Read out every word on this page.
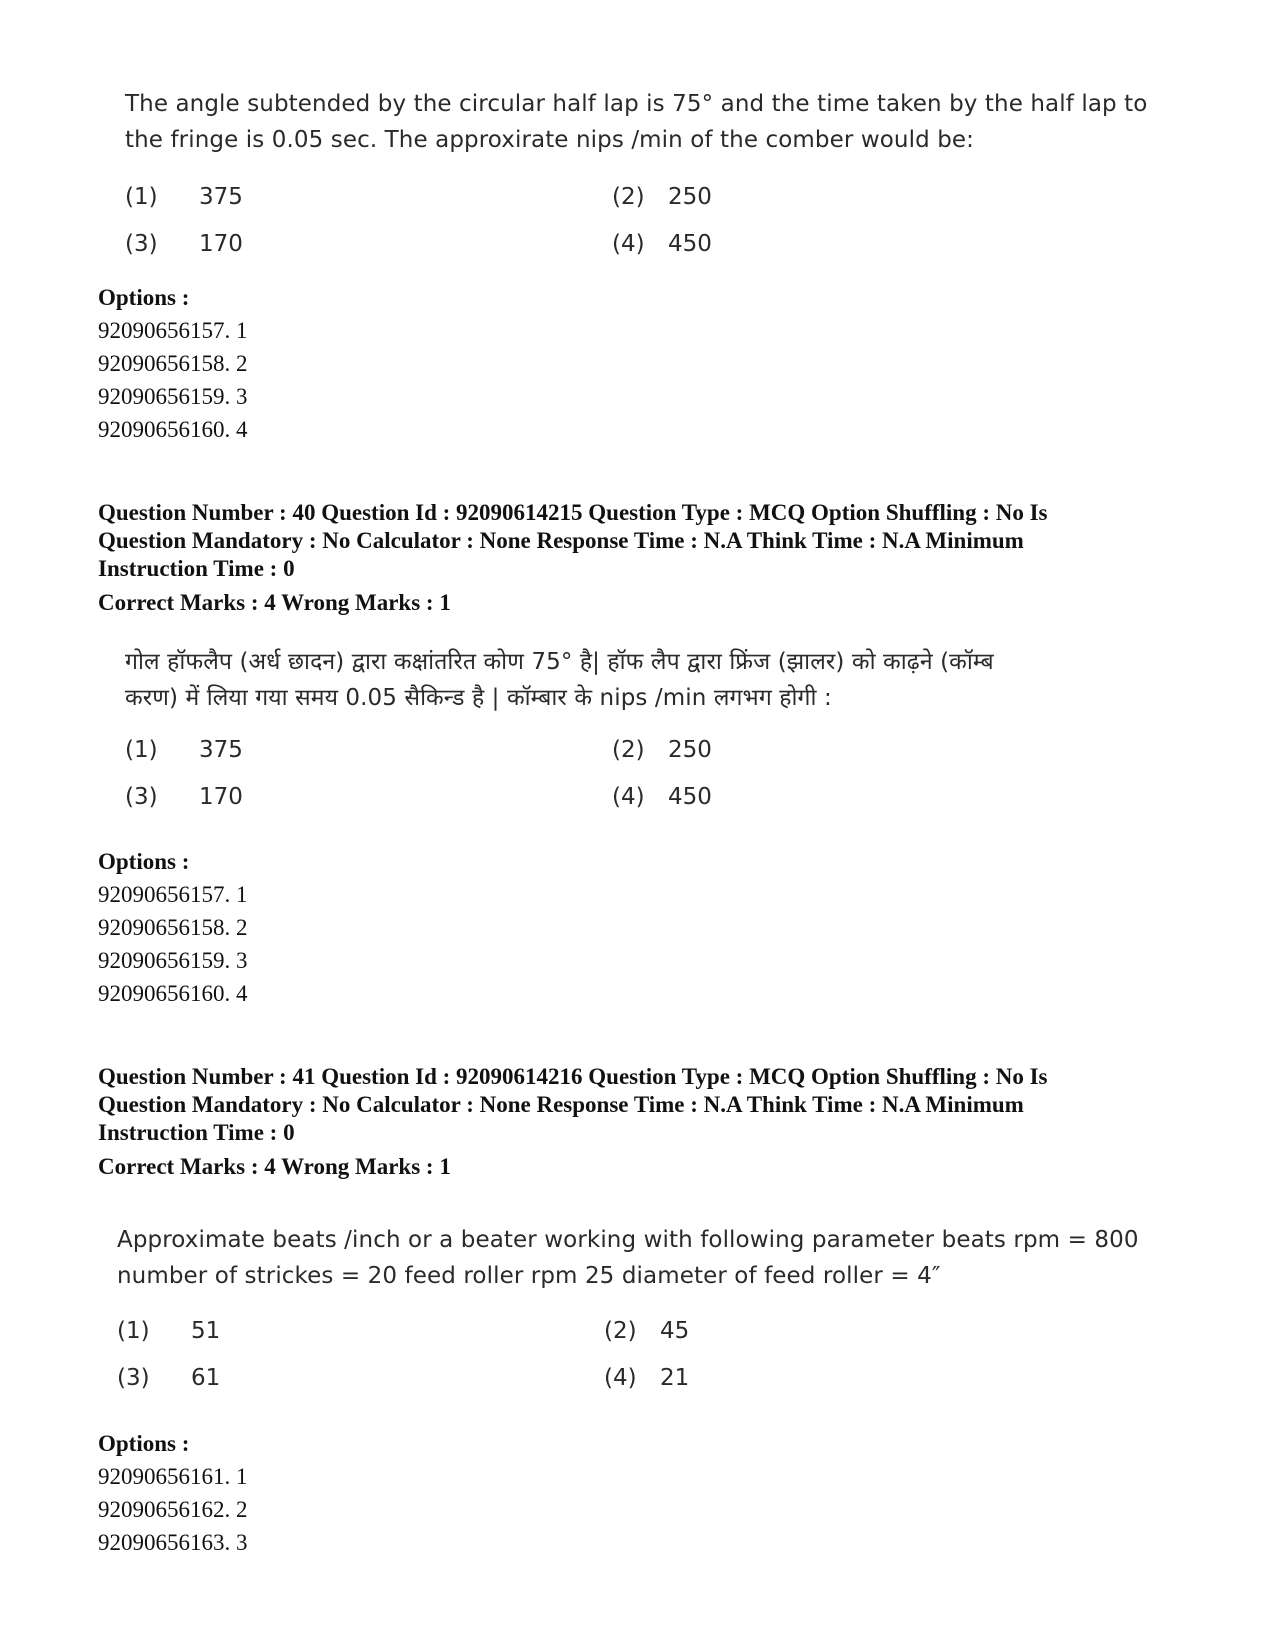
The angle subtended by the circular half lap is 75° and the time taken by the half lap to
the fringe is 0.05 sec. The approxirate nips /min of the comber would be:
(1) 375	(2) 250
(3) 170	(4) 450
Options :
92090656157. 1
92090656158. 2
92090656159. 3
92090656160. 4
Question Number : 40 Question Id : 92090614215 Question Type : MCQ Option Shuffling : No Is
Question Mandatory : No Calculator : None Response Time : N.A Think Time : N.A Minimum
Instruction Time : 0
Correct Marks : 4 Wrong Marks : 1
गोल हॉफलैप (अर्ध छादन) द्वारा कक्षांतरित कोण 75° है| हॉफ लैप द्वारा फ्रिंज (झालर) को काढ़ने (कॉम्ब
करण) में लिया गया समय 0.05 सैकिन्ड है | कॉम्बार के nips /min लगभग होगी :
(1) 375	(2) 250
(3) 170	(4) 450
Options :
92090656157. 1
92090656158. 2
92090656159. 3
92090656160. 4
Question Number : 41 Question Id : 92090614216 Question Type : MCQ Option Shuffling : No Is
Question Mandatory : No Calculator : None Response Time : N.A Think Time : N.A Minimum
Instruction Time : 0
Correct Marks : 4 Wrong Marks : 1
Approximate beats /inch or a beater working with following parameter beats rpm = 800
number of strickes = 20 feed roller rpm 25 diameter of feed roller = 4″
(1) 51	(2) 45
(3) 61	(4) 21
Options :
92090656161. 1
92090656162. 2
92090656163. 3
